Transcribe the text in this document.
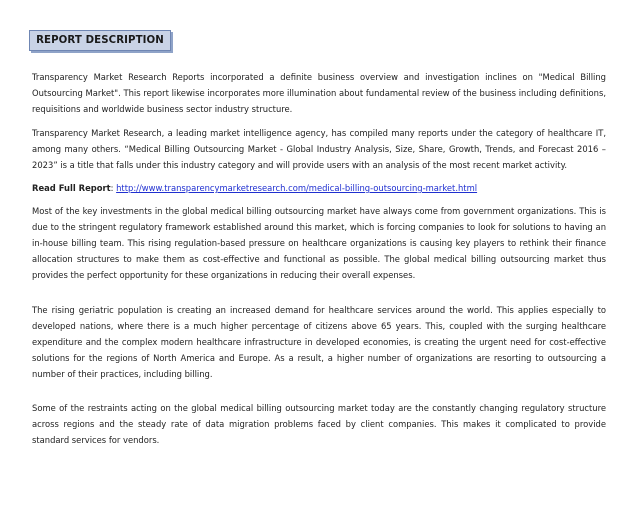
REPORT DESCRIPTION

Transparency Market Research Reports incorporated a definite business overview and investigation inclines on "Medical Billing Outsourcing Market". This report likewise incorporates more illumination about fundamental review of the business including definitions, requisitions and worldwide business sector industry structure.

Transparency Market Research, a leading market intelligence agency, has compiled many reports under the category of healthcare IT, among many others. “Medical Billing Outsourcing Market - Global Industry Analysis, Size, Share, Growth, Trends, and Forecast 2016 – 2023” is a title that falls under this industry category and will provide users with an analysis of the most recent market activity.

Read Full Report: http://www.transparencymarketresearch.com/medical-billing-outsourcing-market.html

Most of the key investments in the global medical billing outsourcing market have always come from government organizations. This is due to the stringent regulatory framework established around this market, which is forcing companies to look for solutions to having an in-house billing team. This rising regulation-based pressure on healthcare organizations is causing key players to rethink their finance allocation structures to make them as cost-effective and functional as possible. The global medical billing outsourcing market thus provides the perfect opportunity for these organizations in reducing their overall expenses.

The rising geriatric population is creating an increased demand for healthcare services around the world. This applies especially to developed nations, where there is a much higher percentage of citizens above 65 years. This, coupled with the surging healthcare expenditure and the complex modern healthcare infrastructure in developed economies, is creating the urgent need for cost-effective solutions for the regions of North America and Europe. As a result, a higher number of organizations are resorting to outsourcing a number of their practices, including billing.

Some of the restraints acting on the global medical billing outsourcing market today are the constantly changing regulatory structure across regions and the steady rate of data migration problems faced by client companies. This makes it complicated to provide standard services for vendors.
